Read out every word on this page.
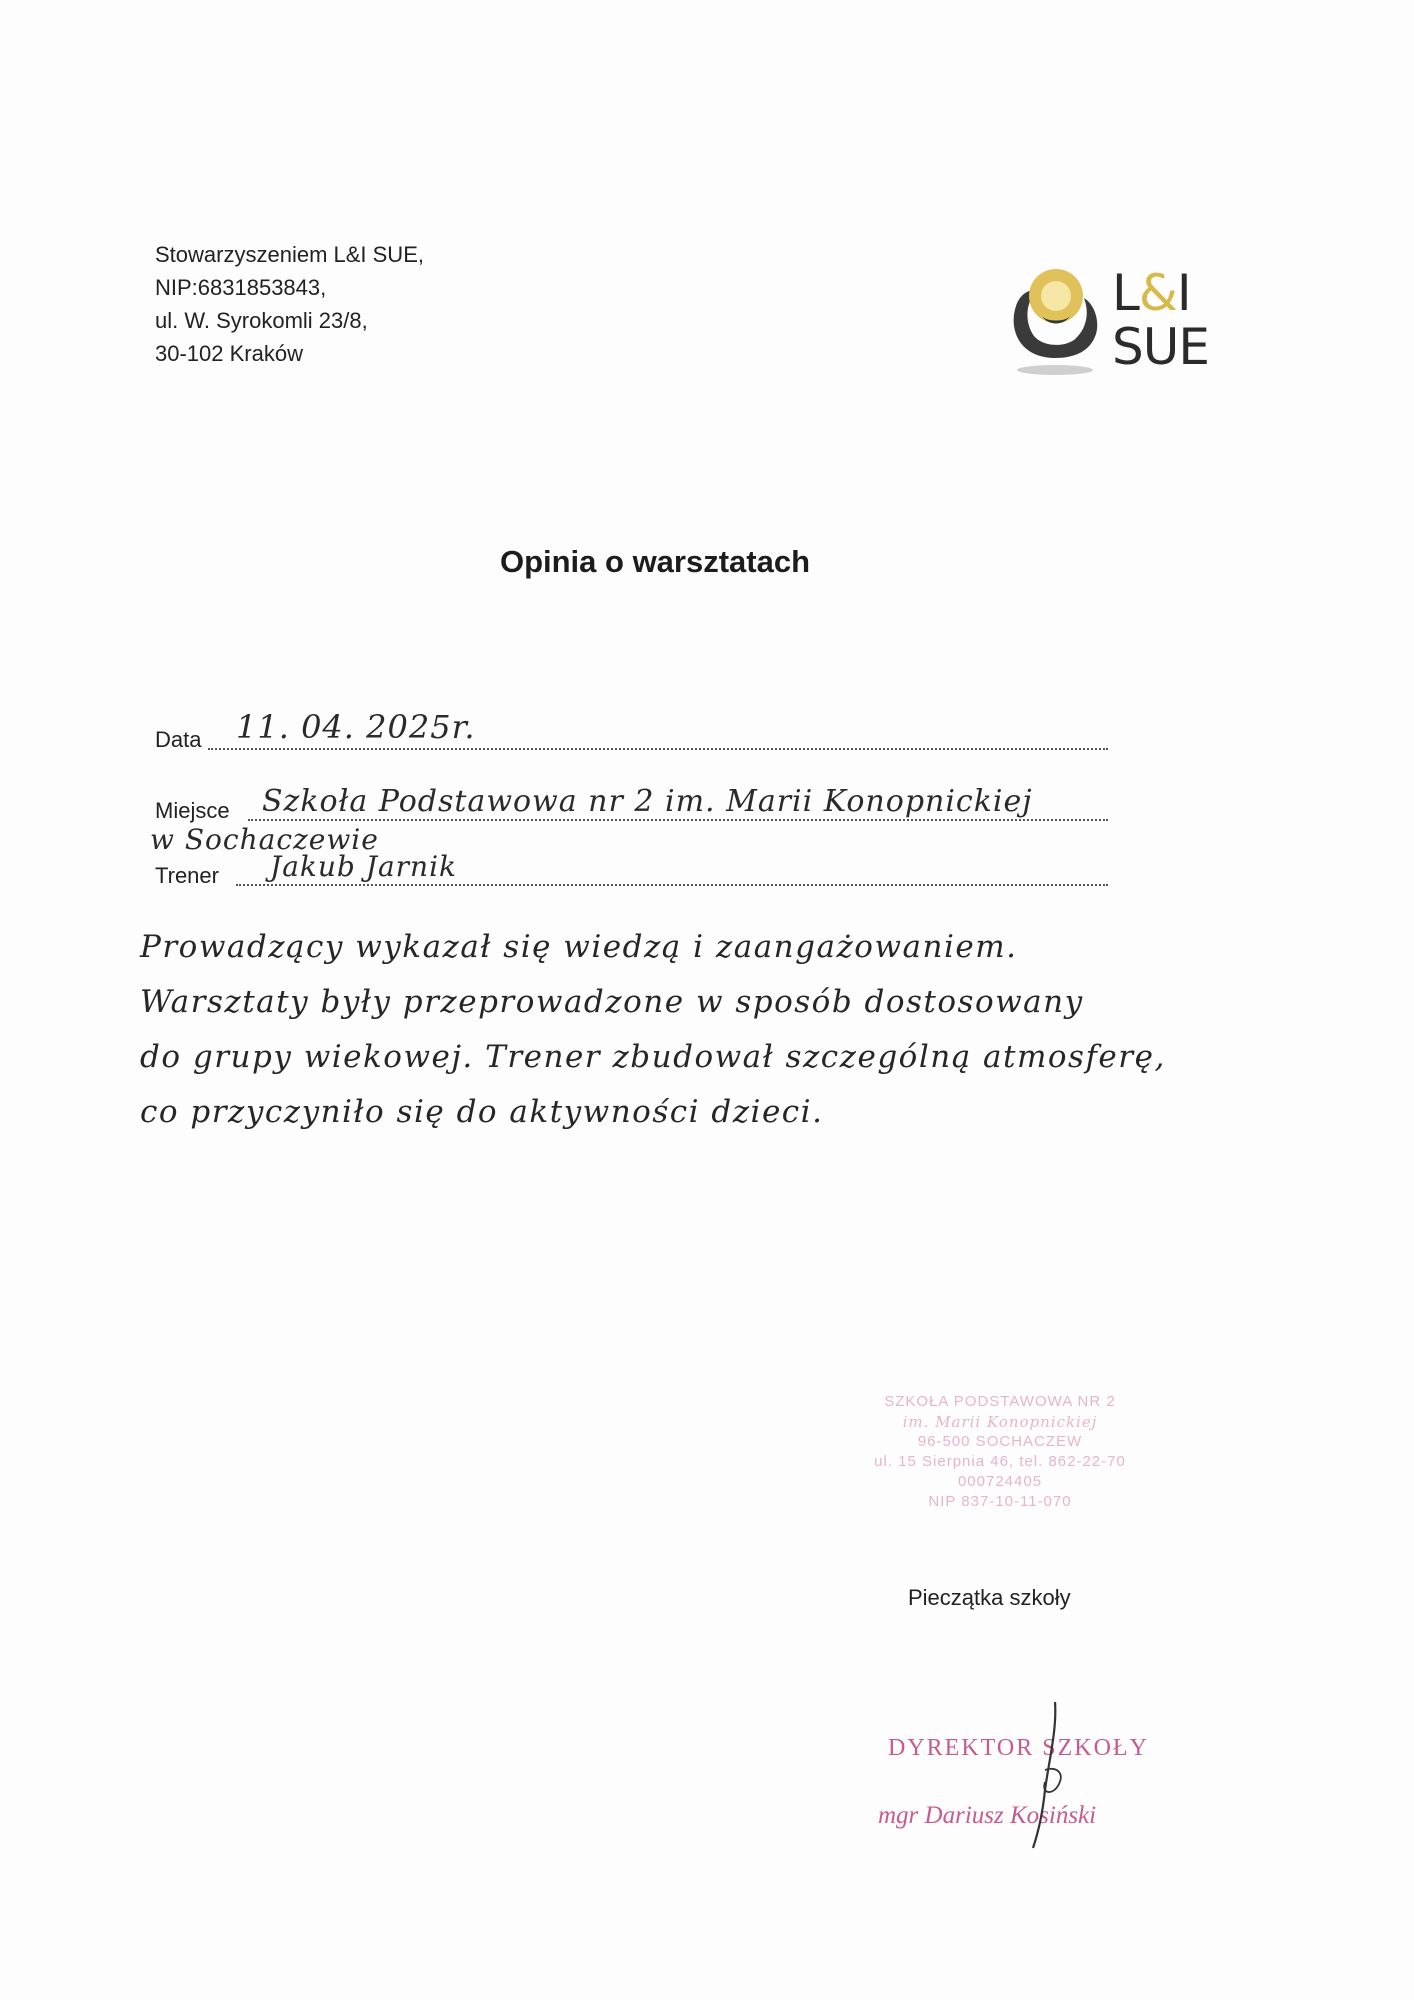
Stowarzyszeniem L&I SUE,
NIP:6831853843,
ul. W. Syrokomli 23/8,
30-102 Kraków
L&I
SUE
Opinia o warsztatach
Data 11. 04. 2025r.
Miejsce Szkoła Podstawowa nr 2 im. Marii Konopnickiej
w Sochaczewie
Trener Jakub Jarnik
Prowadzący wykazał się wiedzą i zaangażowaniem.
Warsztaty były przeprowadzone w sposób dostosowany
do grupy wiekowej. Trener zbudował szczególną atmosferę,
co przyczyniło się do aktywności dzieci.
SZKOŁA PODSTAWOWA NR 2
im. Marii Konopnickiej
96-500 SOCHACZEW
ul. 15 Sierpnia 46, tel. 862-22-70
000724405
NIP 837-10-11-070
Pieczątka szkoły
DYREKTOR SZKOŁY
mgr Dariusz Kosiński
